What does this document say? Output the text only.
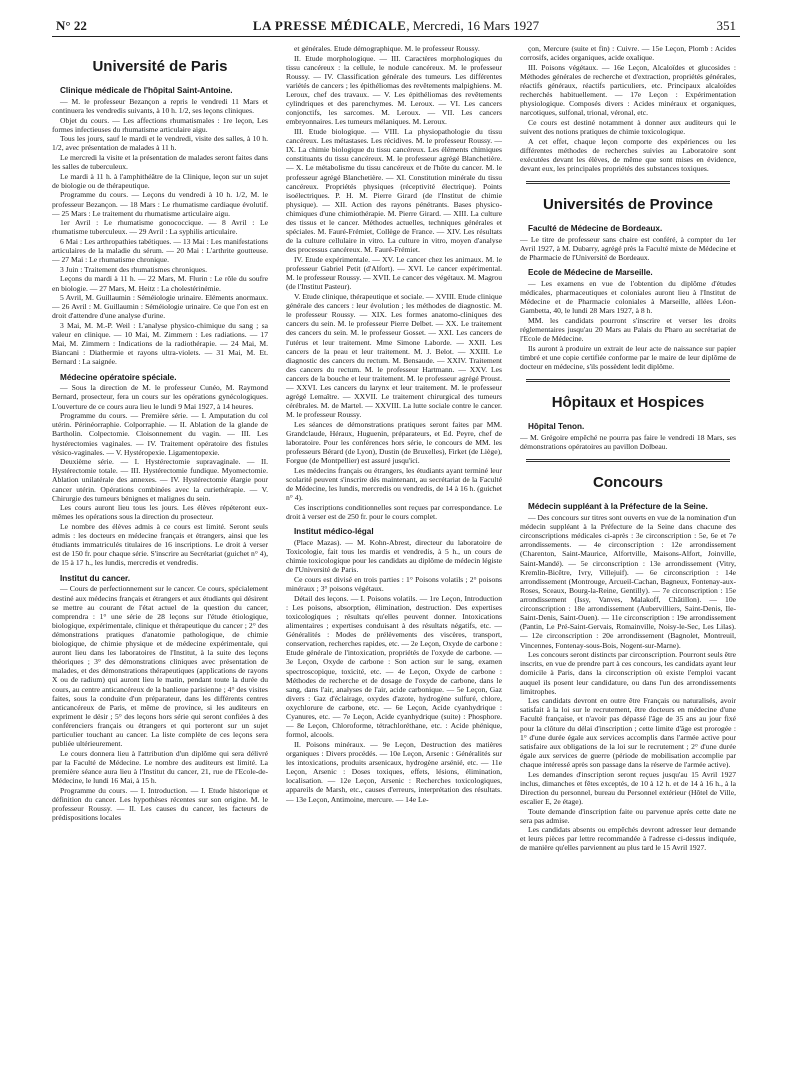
N° 22	LA PRESSE MÉDICALE, Mercredi, 16 Mars 1927	351
Université de Paris
Clinique médicale de l'hôpital Saint-Antoine.

— M. le professeur Bezançon a repris le vendredi 11 Mars et continuera les vendredis suivants, à 10 h. 1/2, ses leçons cliniques.

Objet du cours. — Les affections rhumatismales : 1re leçon, Les formes infectieuses du rhumatisme articulaire aigu.

Tous les jours, sauf le mardi et le vendredi, visite des salles, à 10 h. 1/2, avec présentation de malades à 11 h.

Le mercredi la visite et la présentation de malades seront faites dans les salles de tuberculeux.

Le mardi à 11 h. à l'amphithéâtre de la Clinique, leçon sur un sujet de biologie ou de thérapeutique.

Programme du cours. — Leçons du vendredi à 10 h. 1/2, M. le professeur Bezançon. — 18 Mars : Le rhumatisme cardiaque évolutif. — 25 Mars : Le traitement du rhumatisme articulaire aigu.

1er Avril : Le rhumatisme gonococcique. — 8 Avril : Le rhumatisme tuberculeux. — 29 Avril : La syphilis articulaire.

6 Mai : Les arthropathies tabétiques. — 13 Mai : Les manifestations articulaires de la maladie du sérum. — 20 Mai : L'arthrite goutteuse. — 27 Mai : Le rhumatisme chronique.

3 Juin : Traitement des rhumatismes chroniques.

Leçons du mardi à 11 h. — 22 Mars, M. Flurin : Le rôle du soufre en biologie. — 27 Mars, M. Heitz : La cholestérinémie.

5 Avril, M. Guillaumin : Séméiologie urinaire. Eléments anormaux. — 26 Avril : M. Guillaumin : Séméiologie urinaire. Ce que l'on est en droit d'attendre d'une analyse d'urine.

3 Mai, M. M.-P. Weil : L'analyse physico-chimique du sang ; sa valeur en clinique. — 10 Mai, M. Zimmern : Les radiations. — 17 Mai, M. Zimmern : Indications de la radiothérapie. — 24 Mai, M. Biancani : Diathermie et rayons ultra-violets. — 31 Mai, M. Et. Bernard : La saignée.

Médecine opératoire spéciale.

— Sous la direction de M. le professeur Cunéo, M. Raymond Bernard, prosecteur, fera un cours sur les opérations gynécologiques. L'ouverture de ce cours aura lieu le lundi 9 Mai 1927, à 14 heures.

Programme du cours. — Première série. — I. Amputation du col utérin. Périnéorraphie. Colporraphie. — II. Ablation de la glande de Bartholin. Colpectomie. Cloisonnement du vagin. — III. Les hystérectomies vaginales. — IV. Traitement opératoire des fistules vésico-vaginales. — V. Hystéropexie. Ligamentopexie.

Deuxième série. — I. Hystérectomie supravaginale. — II. Hystérectomie totale. — III. Hystérectomie fundique. Myomectomie. Ablation unilatérale des annexes. — IV. Hystérectomie élargie pour cancer utérin. Opérations combinées avec la curiethérapie. — V. Chirurgie des tumeurs bénignes et malignes du sein.

Les cours auront lieu tous les jours. Les élèves répéteront eux-mêmes les opérations sous la direction du prosecteur.

Le nombre des élèves admis à ce cours est limité. Seront seuls admis : les docteurs en médecine français et étrangers, ainsi que les étudiants immatriculés titulaires de 16 inscriptions. Le droit à verser est de 150 fr. pour chaque série. S'inscrire au Secrétariat (guichet n° 4), de 15 à 17 h., les lundis, mercredis et vendredis.

Institut du cancer.

— Cours de perfectionnement sur le cancer. Ce cours, spécialement destiné aux médecins français et étrangers et aux étudiants qui désirent se mettre au courant de l'état actuel de la question du cancer, comprendra : 1° une série de 28 leçons sur l'étude étiologique, biologique, expérimentale, clinique et thérapeutique du cancer ; 2° des démonstrations pratiques d'anatomie pathologique, de chimie biologique, de chimie physique et de médecine expérimentale, qui auront lieu dans les laboratoires de l'Institut, à la suite des leçons théoriques ; 3° des démonstrations cliniques avec présentation de malades, et des démonstrations thérapeutiques (applications de rayons X ou de radium) qui auront lieu le matin, pendant toute la durée du cours, au centre anticancéreux de la banlieue parisienne ; 4° des visites faites, sous la conduite d'un préparateur, dans les différents centres anticancéreux de Paris, et même de province, si les auditeurs en expriment le désir ; 5° des leçons hors série qui seront confiées à des conférenciers français ou étrangers et qui porteront sur un sujet particulier touchant au cancer. La liste complète de ces leçons sera publiée ultérieurement.

Le cours donnera lieu à l'attribution d'un diplôme qui sera délivré par la Faculté de Médecine. Le nombre des auditeurs est limité. La première séance aura lieu à l'Institut du cancer, 21, rue de l'Ecole-de-Médecine, le lundi 16 Mai, à 15 h.

Programme du cours. — I. Introduction. — I. Etude historique et définition du cancer. Les hypothèses récentes sur son origine. M. le professeur Roussy. — II. Les causes du cancer, les facteurs de prédispositions locales

et générales. Etude démographique. M. le professeur Roussy.

II. Etude morphologique. — III. Caractères morphologiques du tissu cancéreux : la cellule, le nodule cancéreux. M. le professeur Roussy. — IV. Classification générale des tumeurs. Les différentes variétés de cancers ; les épithéliomas des revêtements malpighiens. M. Leroux, chef des travaux. — V. Les épithéliomas des revêtements cylindriques et des parenchymes. M. Leroux. — VI. Les cancers conjonctifs, les sarcomes. M. Leroux. — VII. Les cancers embryonnaires. Les tumeurs mélaniques. M. Leroux.

III. Etude biologique. — VIII. La physiopathologie du tissu cancéreux. Les métastases. Les récidives. M. le professeur Roussy. — IX. La chimie biologique du tissu cancéreux. Les éléments chimiques constituants du tissu cancéreux. M. le professeur agrégé Blanchetière. — X. Le métabolisme du tissu cancéreux et de l'hôte du cancer. M. le professeur agrégé Blanchetière. — XI. Constitution minérale du tissu cancéreux. Propriétés physiques (réceptivité électrique). Points isoélectriques. P. H. M. Pierre Girard (de l'Institut de chimie physique). — XII. Action des rayons pénétrants. Bases physico-chimiques d'une chimiothérapie. M. Pierre Girard. — XIII. La culture des tissus et le cancer. Méthodes actuelles, techniques générales et spéciales. M. Fauré-Frémiet, Collège de France. — XIV. Les résultats de la culture cellulaire in vitro. La culture in vitro, moyen d'analyse des processus cancéreux. M. Fauré-Frémiet.

IV. Etude expérimentale. — XV. Le cancer chez les animaux. M. le professeur Gabriel Petit (d'Alfort). — XVI. Le cancer expérimental. M. le professeur Roussy. — XVII. Le cancer des végétaux. M. Magrou (de l'Institut Pasteur).

V. Etude clinique, thérapeutique et sociale. — XVIII. Etude clinique générale des cancers : leur évolution ; les méthodes de diagnostic. M. le professeur Roussy. — XIX. Les formes anatomo-cliniques des cancers du sein. M. le professeur Pierre Delbet. — XX. Le traitement des cancers du sein. M. le professeur Gosset. — XXI. Les cancers de l'utérus et leur traitement. Mme Simone Laborde. — XXII. Les cancers de la peau et leur traitement. M. J. Belot. — XXIII. Le diagnostic des cancers du rectum. M. Bensaude. — XXIV. Traitement des cancers du rectum. M. le professeur Hartmann. — XXV. Les cancers de la bouche et leur traitement. M. le professeur agrégé Proust. — XXVI. Les cancers du larynx et leur traitement. M. le professeur agrégé Lemaître. — XXVII. Le traitement chirurgical des tumeurs cérébrales. M. de Martel. — XXVIII. La lutte sociale contre le cancer. M. le professeur Roussy.

Les séances de démonstrations pratiques seront faites par MM. Grandclaude, Héraux, Huguenin, préparateurs, et Ed. Peyre, chef de laboratoire. Pour les conférences hors série, le concours de MM. les professeurs Bérard (de Lyon), Dustin (de Bruxelles), Firket (de Liège), Forgue (de Montpellier) est assuré jusqu'ici.

Les médecins français ou étrangers, les étudiants ayant terminé leur scolarité peuvent s'inscrire dès maintenant, au secrétariat de la Faculté de Médecine, les lundis, mercredis ou vendredis, de 14 à 16 h. (guichet n° 4).

Ces inscriptions conditionnelles sont reçues par correspondance. Le droit à verser est de 250 fr. pour le cours complet.

Institut médico-légal

(Place Mazas). — M. Kohn-Abrest, directeur du laboratoire de Toxicologie, fait tous les mardis et vendredis, à 5 h., un cours de chimie toxicologique pour les candidats au diplôme de médecin légiste de l'Université de Paris.

Ce cours est divisé en trois parties : 1° Poisons volatils ; 2° poisons minéraux ; 3° poisons végétaux.

Détail des leçons. — I. Poisons volatils. — 1re Leçon, Introduction : Les poisons, absorption, élimination, destruction. Des expertises toxicologiques ; résultats qu'elles peuvent donner. Intoxications alimentaires ; expertises conduisant à des résultats négatifs, etc. — Généralités : Modes de prélèvements des viscères, transport, conservation, recherches rapides, etc. — 2e Leçon, Oxyde de carbone : Etude générale de l'intoxication, propriétés de l'oxyde de carbone. — 3e Leçon, Oxyde de carbone : Son action sur le sang, examen spectroscopique, toxicité, etc. — 4e Leçon, Oxyde de carbone : Méthodes de recherche et de dosage de l'oxyde de carbone, dans le sang, dans l'air, analyses de l'air, acide carbonique. — 5e Leçon, Gaz divers : Gaz d'éclairage, oxydes d'azote, hydrogène sulfuré, chlore, oxychlorure de carbone, etc. — 6e Leçon, Acide cyanhydrique : Cyanures, etc. — 7e Leçon, Acide cyanhydrique (suite) : Phosphore. — 8e Leçon, Chloroforme, tétrachloréthane, etc. : Acide phénique, formol, alcools.

II. Poisons minéraux. — 9e Leçon, Destruction des matières organiques : Divers procédés. — 10e Leçon, Arsenic : Généralités sur les intoxications, produits arsenicaux, hydrogène arsénié, etc. — 11e Leçon, Arsenic : Doses toxiques, effets, lésions, élimination, localisation. — 12e Leçon, Arsenic : Recherches toxicologiques, appareils de Marsh, etc., causes d'erreurs, interprétation des résultats. — 13e Leçon, Antimoine, mercure. — 14e Le-

çon, Mercure (suite et fin) : Cuivre. — 15e Leçon, Plomb : Acides corrosifs, acides organiques, acide oxalique.

III. Poisons végétaux. — 16e Leçon, Alcaloïdes et glucosides : Méthodes générales de recherche et d'extraction, propriétés générales, réactifs généraux, réactifs particuliers, etc. Principaux alcaloïdes recherchés habituellement. — 17e Leçon : Expérimentation physiologique. Composés divers : Acides minéraux et organiques, narcotiques, sulfonal, trional, véronal, etc.

Ce cours est destiné notamment à donner aux auditeurs qui le suivent des notions pratiques de chimie toxicologique.

A cet effet, chaque leçon comporte des expériences ou les différentes méthodes de recherches suivies au Laboratoire sont exécutées devant les élèves, de même que sont mises en évidence, devant eux, les principales propriétés des substances toxiques.

Universités de Province
Faculté de Médecine de Bordeaux.

— Le titre de professeur sans chaire est conféré, à compter du 1er Avril 1927, à M. Dubarry, agrégé près la Faculté mixte de Médecine et de Pharmacie de l'Université de Bordeaux.

Ecole de Médecine de Marseille.

— Les examens en vue de l'obtention du diplôme d'études médicales, pharmaceutiques et coloniales auront lieu à l'Institut de Médecine et de Pharmacie coloniales à Marseille, allées Léon-Gambetta, 40, le lundi 28 Mars 1927, à 8 h.

MM. les candidats pourront s'inscrire et verser les droits réglementaires jusqu'au 20 Mars au Palais du Pharo au secrétariat de l'Ecole de Médecine.

Ils auront à produire un extrait de leur acte de naissance sur papier timbré et une copie certifiée conforme par le maire de leur diplôme de docteur en médecine, s'ils possèdent ledit diplôme.

Hôpitaux et Hospices
Hôpital Tenon.

— M. Grégoire empêché ne pourra pas faire le vendredi 18 Mars, ses démonstrations opératoires au pavillon Dolbeau.

Concours
Médecin suppléant à la Préfecture de la Seine.

— Des concours sur titres sont ouverts en vue de la nomination d'un médecin suppléant à la Préfecture de la Seine dans chacune des circonscriptions médicales ci-après : 3e circonscription : 5e, 6e et 7e arrondissements. — 4e circonscription : 12e arrondissement (Charenton, Saint-Maurice, Alfortville, Maisons-Alfort, Joinville, Saint-Mandé). — 5e circonscription : 13e arrondissement (Vitry, Kremlin-Bicêtre, Ivry, Villejuif). — 6e circonscription : 14e arrondissement (Montrouge, Arcueil-Cachan, Bagneux, Fontenay-aux-Roses, Sceaux, Bourg-la-Reine, Gentilly). — 7e circonscription : 15e arrondissement (Issy, Vanves, Malakoff, Châtillon). — 10e circonscription : 18e arrondissement (Aubervilliers, Saint-Denis, Ile-Saint-Denis, Saint-Ouen). — 11e circonscription : 19e arrondissement (Pantin, Le Pré-Saint-Gervais, Romainville, Noisy-le-Sec, Les Lilas). — 12e circonscription : 20e arrondissement (Bagnolet, Montreuil, Vincennes, Fontenay-sous-Bois, Nogent-sur-Marne).

Les concours seront distincts par circonscription. Pourront seuls être inscrits, en vue de prendre part à ces concours, les candidats ayant leur domicile à Paris, dans la circonscription où existe l'emploi vacant auquel ils posent leur candidature, ou dans l'un des arrondissements limitrophes.

Les candidats devront en outre être Français ou naturalisés, avoir satisfait à la loi sur le recrutement, être docteurs en médecine d'une Faculté française, et n'avoir pas dépassé l'âge de 35 ans au jour fixé pour la clôture du délai d'inscription ; cette limite d'âge est prorogée : 1° d'une durée égale aux services accomplis dans l'armée active pour satisfaire aux obligations de la loi sur le recrutement ; 2° d'une durée égale aux services de guerre (période de mobilisation accomplie par chaque intéressé après son passage dans la réserve de l'armée active).

Les demandes d'inscription seront reçues jusqu'au 15 Avril 1927 inclus, dimanches et fêtes exceptés, de 10 à 12 h. et de 14 à 16 h., à la Direction du personnel, bureau du Personnel extérieur (Hôtel de Ville, escalier E, 2e étage).

Toute demande d'inscription faite ou parvenue après cette date ne sera pas admise.

Les candidats absents ou empêchés devront adresser leur demande et leurs pièces par lettre recommandée à l'adresse ci-dessus indiquée, de manière qu'elles parviennent au plus tard le 15 Avril 1927.
